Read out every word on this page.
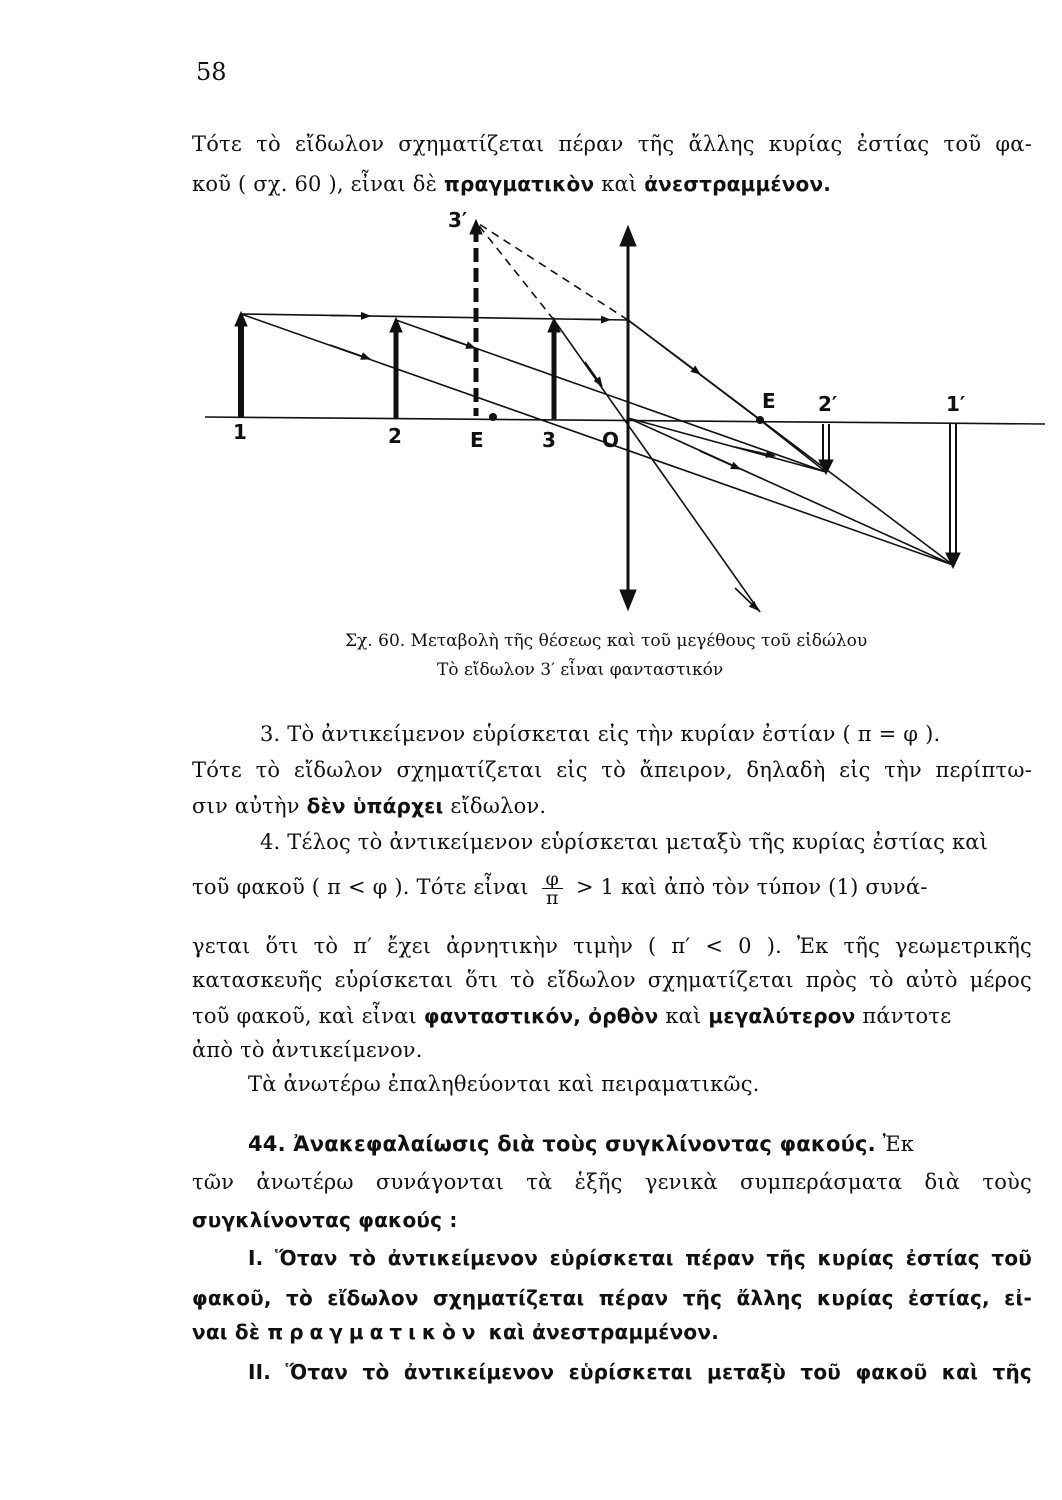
58
Τότε τὸ εἴδωλον σχηματίζεται πέραν τῆς ἄλλης κυρίας ἐστίας τοῦ φα-
κοῦ ( σχ. 60 ), εἶναι δὲ πραγματικὸν καὶ ἀνεστραμμένον.
1	2	E	3 O
E 2′	1′
3′
Σχ. 60. Μεταβολὴ τῆς θέσεως καὶ τοῦ μεγέθους τοῦ εἰδώλου
Τὸ εἴδωλον 3′ εἶναι φανταστικόν
3. Τὸ ἀντικείμενον εὑρίσκεται εἰς τὴν κυρίαν ἐστίαν ( π = φ ).
Τότε τὸ εἴδωλον σχηματίζεται εἰς τὸ ἄπειρον, δηλαδὴ εἰς τὴν περίπτω-
σιν αὐτὴν δὲν ὑπάρχει εἴδωλον.
4. Τέλος τὸ ἀντικείμενον εὑρίσκεται μεταξὺ τῆς κυρίας ἐστίας καὶ
τοῦ φακοῦ ( π < φ ). Τότε εἶναι $\frac{\varphi}{\pi} > 1$ καὶ ἀπὸ τὸν τύπον (1) συνά-
γεται ὅτι τὸ π′ ἔχει ἀρνητικὴν τιμὴν ( π′ < 0 ). Ἐκ τῆς γεωμετρικῆς
κατασκευῆς εὑρίσκεται ὅτι τὸ εἴδωλον σχηματίζεται πρὸς τὸ αὐτὸ μέρος
τοῦ φακοῦ, καὶ εἶναι φανταστικόν, ὀρθὸν καὶ μεγαλύτερον πάντοτε
ἀπὸ τὸ ἀντικείμενον.
Τὰ ἀνωτέρω ἐπαληθεύονται καὶ πειραματικῶς.
44. Ἀνακεφαλαίωσις διὰ τοὺς συγκλίνοντας φακούς. Ἐκ
τῶν ἀνωτέρω συνάγονται τὰ ἑξῆς γενικὰ συμπεράσματα διὰ τοὺς
συγκλίνοντας φακούς :
I. Ὅταν τὸ ἀντικείμενον εὑρίσκεται πέραν τῆς κυρίας ἐστίας τοῦ
φακοῦ, τὸ εἴδωλον σχηματίζεται πέραν τῆς ἄλλης κυρίας ἐστίας, εἰ-
ναι δὲ πραγματικὸν καὶ ἀνεστραμμένον.
II. Ὅταν τὸ ἀντικείμενον εὑρίσκεται μεταξὺ τοῦ φακοῦ καὶ τῆς
